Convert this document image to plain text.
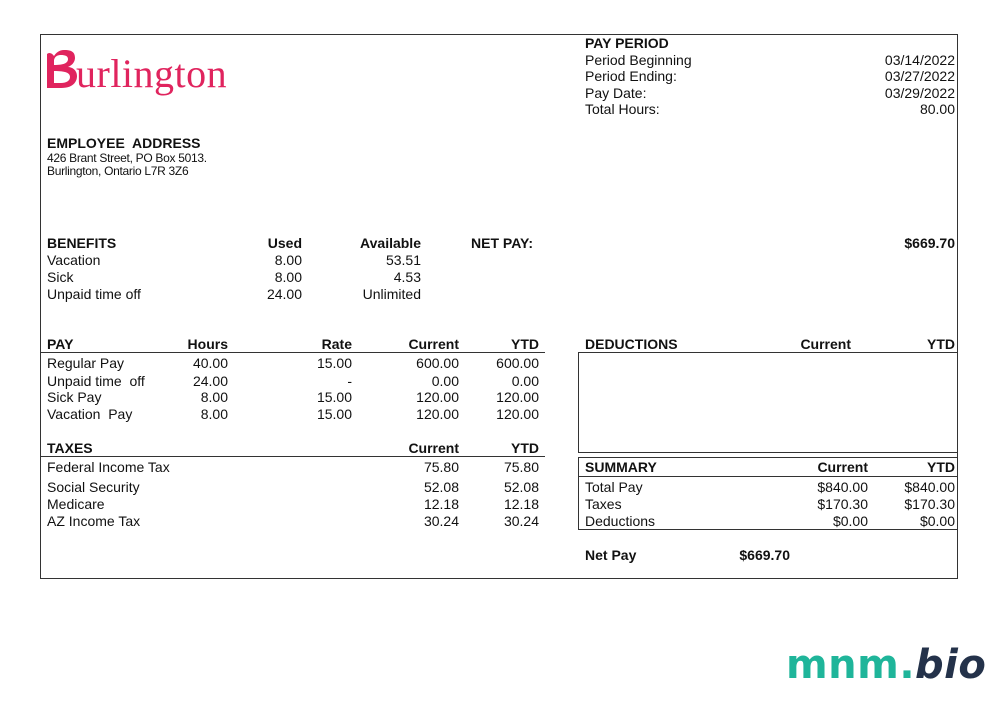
urlington
PAY PERIOD
Period Beginning	03/14/2022
Period Ending:	03/27/2022
Pay Date:	03/29/2022
Total Hours:	80.00
EMPLOYEE  ADDRESS
426 Brant Street, PO Box 5013.
Burlington, Ontario L7R 3Z6
BENEFITS	Used	Available
Vacation	8.00	53.51
Sick	8.00	4.53
Unpaid time off	24.00	Unlimited
NET PAY:	$669.70
PAY	Hours	Rate	Current	YTD
Regular Pay	40.00	15.00	600.00	600.00
Unpaid time  off	24.00	-	0.00	0.00
Sick Pay	8.00	15.00	120.00	120.00
Vacation  Pay	8.00	15.00	120.00	120.00
TAXES	Current	YTD
Federal Income Tax	75.80	75.80
Social Security	52.08	52.08
Medicare	12.18	12.18
AZ Income Tax	30.24	30.24
DEDUCTIONS	Current	YTD
SUMMARY	Current	YTD
Total Pay	$840.00	$840.00
Taxes	$170.30	$170.30
Deductions	$0.00	$0.00
Net Pay	$669.70
mnm.bio
